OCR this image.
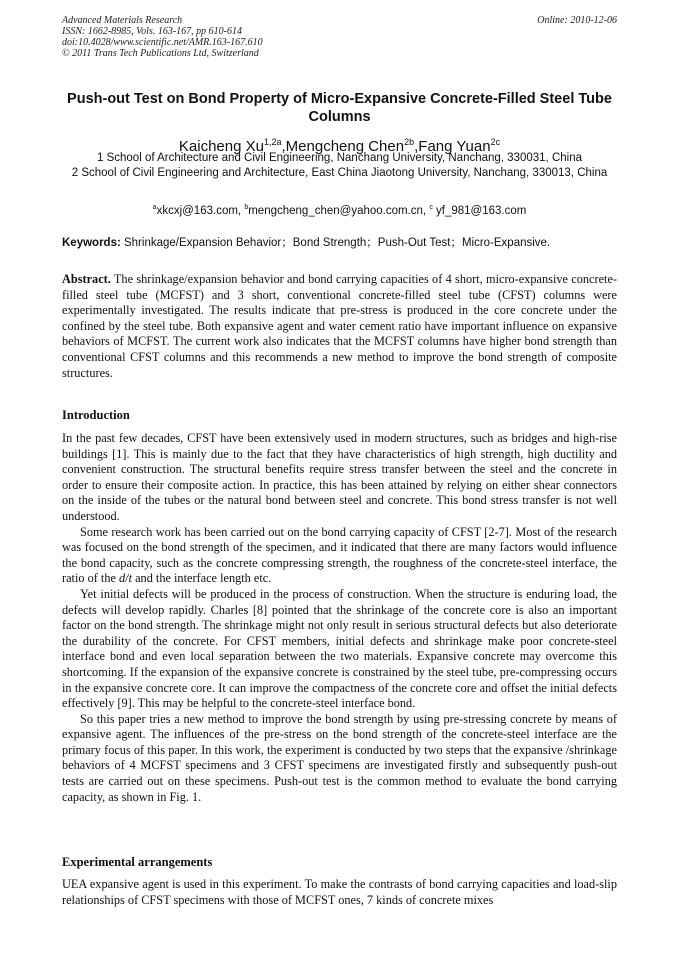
Advanced Materials Research
ISSN: 1662-8985, Vols. 163-167, pp 610-614
doi:10.4028/www.scientific.net/AMR.163-167.610
© 2011 Trans Tech Publications Ltd, Switzerland
Online: 2010-12-06
Push-out Test on Bond Property of Micro-Expansive Concrete-Filled Steel Tube Columns
Kaicheng $Xu^{1,2a},Mengcheng$ Chen$^{2b}$,Fang Yuan$^{2c}$
1 School of Architecture and Civil Engineering, Nanchang University, Nanchang, 330031, China
2 School of Civil Engineering and Architecture, East China Jiaotong University, Nanchang, 330013, China
$^a$xkcxj@163.com, $^b$mengcheng_chen@yahoo.com.cn, $^c$ yf_981@163.com
Keywords: Shrinkage/Expansion Behavior；Bond Strength；Push-Out Test；Micro-Expansive.
Abstract. The shrinkage/expansion behavior and bond carrying capacities of 4 short, micro-expansive concrete-filled steel tube (MCFST) and 3 short, conventional concrete-filled steel tube (CFST) columns were experimentally investigated. The results indicate that pre-stress is produced in the core concrete under the confined by the steel tube. Both expansive agent and water cement ratio have important influence on expansive behaviors of MCFST. The current work also indicates that the MCFST columns have higher bond strength than conventional CFST columns and this recommends a new method to improve the bond strength of composite structures.
Introduction

In the past few decades, CFST have been extensively used in modern structures, such as bridges and high-rise buildings [1]. This is mainly due to the fact that they have characteristics of high strength, high ductility and convenient construction. The structural benefits require stress transfer between the steel and the concrete in order to ensure their composite action. In practice, this has been attained by relying on either shear connectors on the inside of the tubes or the natural bond between steel and concrete. This bond stress transfer is not well understood.

Some research work has been carried out on the bond carrying capacity of CFST [2-7]. Most of the research was focused on the bond strength of the specimen, and it indicated that there are many factors would influence the bond capacity, such as the concrete compressing strength, the roughness of the concrete-steel interface, the ratio of the d/t and the interface length etc.

Yet initial defects will be produced in the process of construction. When the structure is enduring load, the defects will develop rapidly. Charles [8] pointed that the shrinkage of the concrete core is also an important factor on the bond strength. The shrinkage might not only result in serious structural defects but also deteriorate the durability of the concrete. For CFST members, initial defects and shrinkage make poor concrete-steel interface bond and even local separation between the two materials. Expansive concrete may overcome this shortcoming. If the expansion of the expansive concrete is constrained by the steel tube, pre-compressing occurs in the expansive concrete core. It can improve the compactness of the concrete core and offset the initial defects effectively [9]. This may be helpful to the concrete-steel interface bond.

So this paper tries a new method to improve the bond strength by using pre-stressing concrete by means of expansive agent. The influences of the pre-stress on the bond strength of the concrete-steel interface are the primary focus of this paper. In this work, the experiment is conducted by two steps that the expansive /shrinkage behaviors of 4 MCFST specimens and 3 CFST specimens are investigated firstly and subsequently push-out tests are carried out on these specimens. Push-out test is the common method to evaluate the bond carrying capacity, as shown in Fig. 1.

Experimental arrangements

UEA expansive agent is used in this experiment. To make the contrasts of bond carrying capacities and load-slip relationships of CFST specimens with those of MCFST ones, 7 kinds of concrete mixes
